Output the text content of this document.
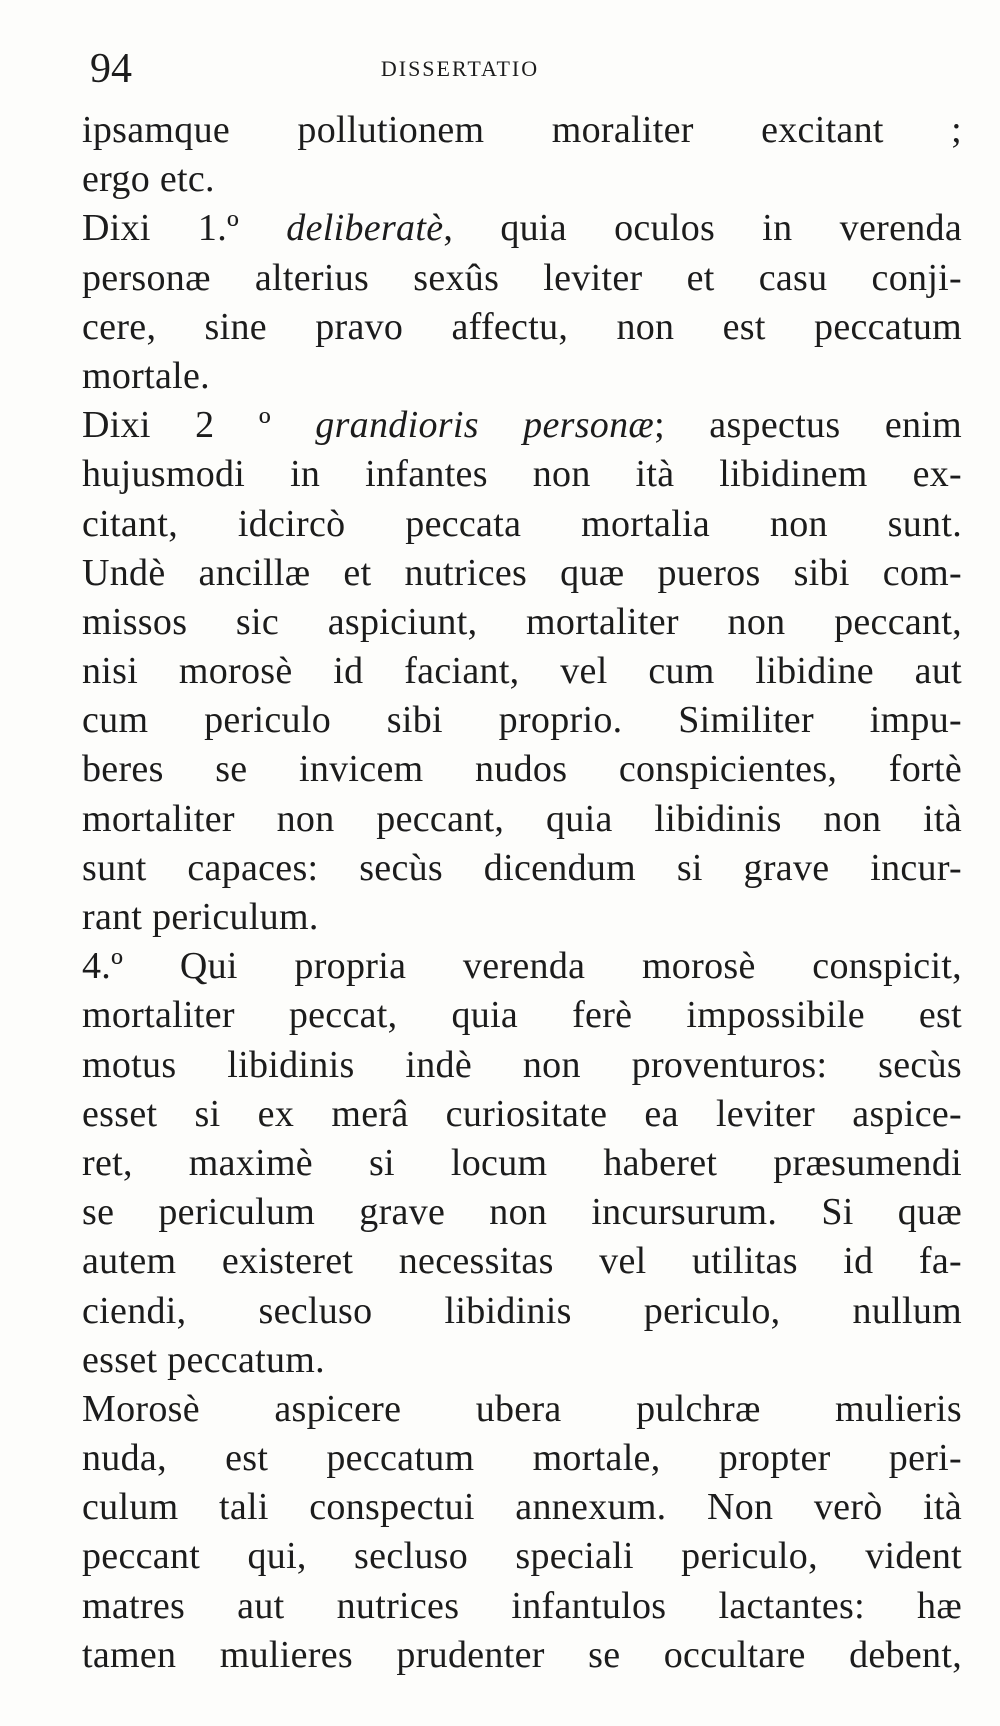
94	DISSERTATIO
ipsamque pollutionem moraliter excitant ;
ergo etc.
Dixi 1.º deliberatè, quia oculos in verenda
personæ alterius sexûs leviter et casu conji-
cere, sine pravo affectu, non est peccatum
mortale.
Dixi 2 º grandioris personæ; aspectus enim
hujusmodi in infantes non ità libidinem ex-
citant, idcircò peccata mortalia non sunt.
Undè ancillæ et nutrices quæ pueros sibi com-
missos sic aspiciunt, mortaliter non peccant,
nisi morosè id faciant, vel cum libidine aut
cum periculo sibi proprio. Similiter impu-
beres se invicem nudos conspicientes, fortè
mortaliter non peccant, quia libidinis non ità
sunt capaces: secùs dicendum si grave incur-
rant periculum.
4.º Qui propria verenda morosè conspicit,
mortaliter peccat, quia ferè impossibile est
motus libidinis indè non proventuros: secùs
esset si ex merâ curiositate ea leviter aspice-
ret, maximè si locum haberet præsumendi
se periculum grave non incursurum. Si quæ
autem existeret necessitas vel utilitas id fa-
ciendi, secluso libidinis periculo, nullum
esset peccatum.
Morosè aspicere ubera pulchræ mulieris
nuda, est peccatum mortale, propter peri-
culum tali conspectui annexum. Non verò ità
peccant qui, secluso speciali periculo, vident
matres aut nutrices infantulos lactantes: hæ
tamen mulieres prudenter se occultare debent,
